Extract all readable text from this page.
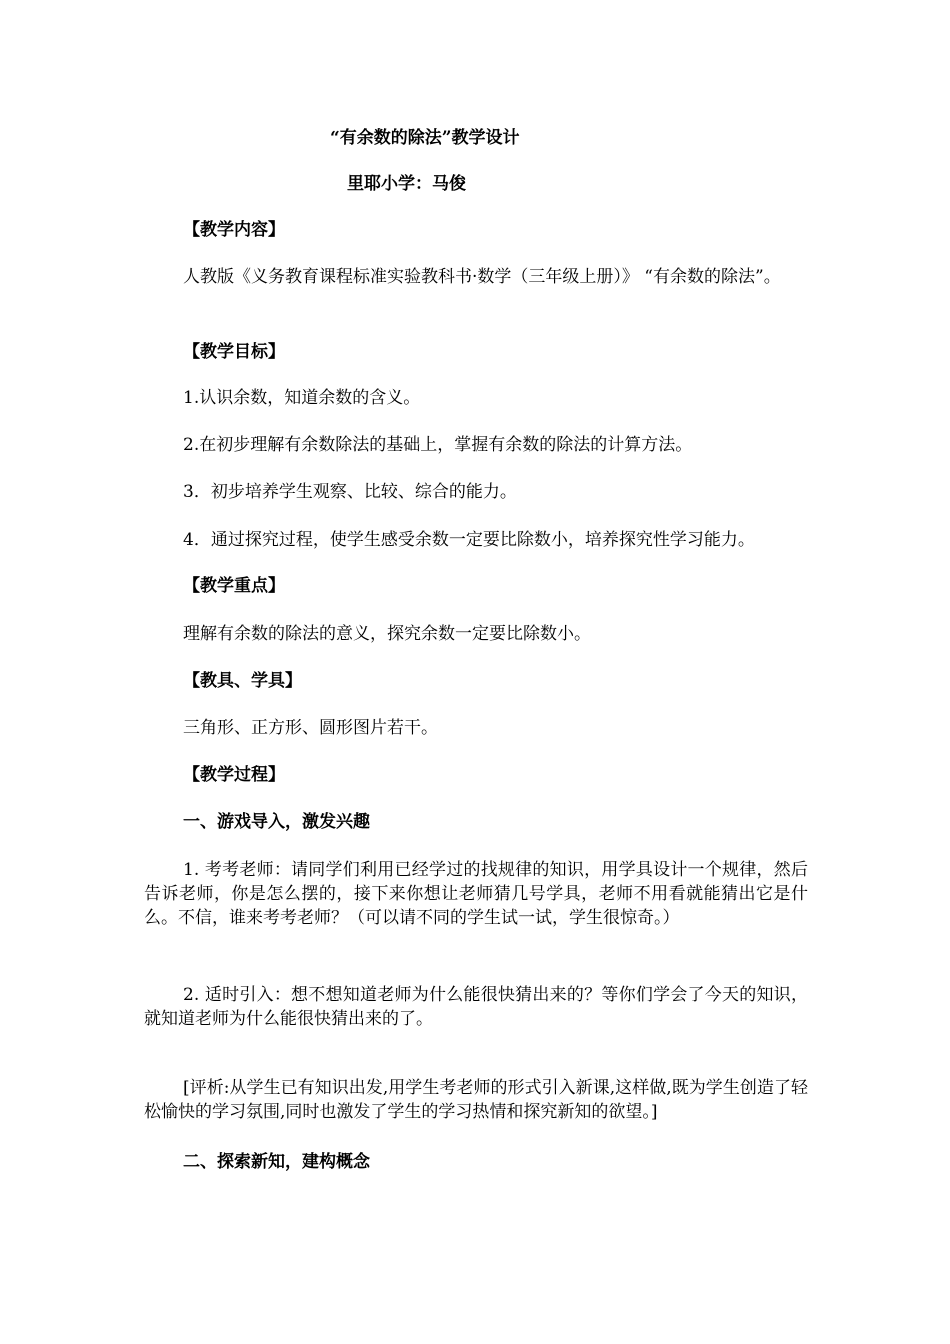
“有余数的除法”教学设计
里耶小学：马俊
【教学内容】
人教版《义务教育课程标准实验教科书·数学（三年级上册）》 “有余数的除法”。
【教学目标】
1.认识余数，知道余数的含义。
2.在初步理解有余数除法的基础上，掌握有余数的除法的计算方法。
3．初步培养学生观察、比较、综合的能力。
4．通过探究过程，使学生感受余数一定要比除数小，培养探究性学习能力。
【教学重点】
理解有余数的除法的意义，探究余数一定要比除数小。
【教具、学具】
三角形、正方形、圆形图片若干。
【教学过程】
一、游戏导入，激发兴趣
1. 考考老师：请同学们利用已经学过的找规律的知识，用学具设计一个规律，然后告诉老师，你是怎么摆的，接下来你想让老师猜几号学具，老师不用看就能猜出它是什么。不信，谁来考考老师？（可以请不同的学生试一试，学生很惊奇。）
2. 适时引入：想不想知道老师为什么能很快猜出来的？等你们学会了今天的知识，就知道老师为什么能很快猜出来的了。
[评析:从学生已有知识出发,用学生考老师的形式引入新课,这样做,既为学生创造了轻松愉快的学习氛围,同时也激发了学生的学习热情和探究新知的欲望。]
二、探索新知，建构概念
